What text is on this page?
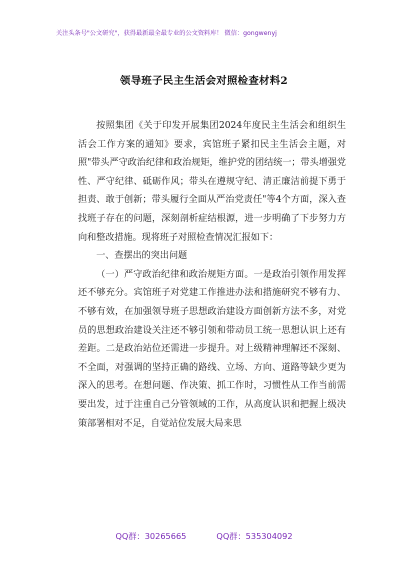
关注头条号"公文研究"，获得最新最全最专业的公文资料库！ 微信：gongwenyj
领导班子民主生活会对照检查材料2

按照集团《关于印发开展集团2024年度民主生活会和组织生活会工作方案的通知》要求，宾馆班子紧扣民主生活会主题，对照"带头严守政治纪律和政治规矩，维护党的团结统一；带头增强党性、严守纪律、砥砺作风；带头在遵规守纪、清正廉洁前提下勇于担责、敢于创新；带头履行全面从严治党责任"等4个方面，深入查找班子存在的问题，深刻剖析症结根源，进一步明确了下步努力方向和整改措施。现将班子对照检查情况汇报如下：

一、查摆出的突出问题

（一）严守政治纪律和政治规矩方面。一是政治引领作用发挥还不够充分。宾馆班子对党建工作推进办法和措施研究不够有力、不够有效，在加强领导班子思想政治建设方面创新方法不多，对党员的思想政治建设关注还不够引领和带动员工统一思想认识上还有差距。二是政治站位还需进一步提升。对上级精神理解还不深刻、不全面，对强调的坚持正确的路线、立场、方向、道路等缺少更为深入的思考。在想问题、作决策、抓工作时，习惯性从工作当前需要出发，过于注重自己分管领域的工作，从高度认识和把握上级决策部署相对不足，自觉站位发展大局来思

QQ群：30265665	QQ群：535304092
